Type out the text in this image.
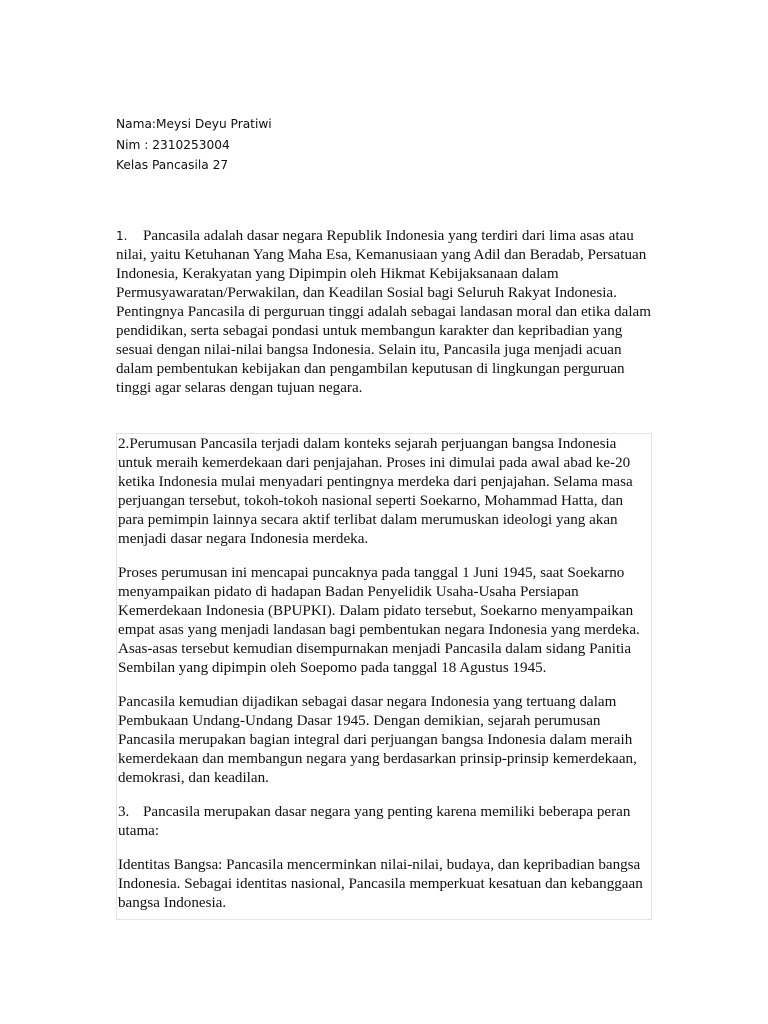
Nama:Meysi Deyu Pratiwi
Nim : 2310253004
Kelas Pancasila 27
1. Pancasila adalah dasar negara Republik Indonesia yang terdiri dari lima asas atau nilai, yaitu Ketuhanan Yang Maha Esa, Kemanusiaan yang Adil dan Beradab, Persatuan Indonesia, Kerakyatan yang Dipimpin oleh Hikmat Kebijaksanaan dalam Permusyawaratan/Perwakilan, dan Keadilan Sosial bagi Seluruh Rakyat Indonesia. Pentingnya Pancasila di perguruan tinggi adalah sebagai landasan moral dan etika dalam pendidikan, serta sebagai pondasi untuk membangun karakter dan kepribadian yang sesuai dengan nilai-nilai bangsa Indonesia. Selain itu, Pancasila juga menjadi acuan dalam pembentukan kebijakan dan pengambilan keputusan di lingkungan perguruan tinggi agar selaras dengan tujuan negara.

2.Perumusan Pancasila terjadi dalam konteks sejarah perjuangan bangsa Indonesia untuk meraih kemerdekaan dari penjajahan. Proses ini dimulai pada awal abad ke-20 ketika Indonesia mulai menyadari pentingnya merdeka dari penjajahan. Selama masa perjuangan tersebut, tokoh-tokoh nasional seperti Soekarno, Mohammad Hatta, dan para pemimpin lainnya secara aktif terlibat dalam merumuskan ideologi yang akan menjadi dasar negara Indonesia merdeka.

Proses perumusan ini mencapai puncaknya pada tanggal 1 Juni 1945, saat Soekarno menyampaikan pidato di hadapan Badan Penyelidik Usaha-Usaha Persiapan Kemerdekaan Indonesia (BPUPKI). Dalam pidato tersebut, Soekarno menyampaikan empat asas yang menjadi landasan bagi pembentukan negara Indonesia yang merdeka. Asas-asas tersebut kemudian disempurnakan menjadi Pancasila dalam sidang Panitia Sembilan yang dipimpin oleh Soepomo pada tanggal 18 Agustus 1945.

Pancasila kemudian dijadikan sebagai dasar negara Indonesia yang tertuang dalam Pembukaan Undang-Undang Dasar 1945. Dengan demikian, sejarah perumusan Pancasila merupakan bagian integral dari perjuangan bangsa Indonesia dalam meraih kemerdekaan dan membangun negara yang berdasarkan prinsip-prinsip kemerdekaan, demokrasi, dan keadilan.

3. Pancasila merupakan dasar negara yang penting karena memiliki beberapa peran utama:

Identitas Bangsa: Pancasila mencerminkan nilai-nilai, budaya, dan kepribadian bangsa Indonesia. Sebagai identitas nasional, Pancasila memperkuat kesatuan dan kebanggaan bangsa Indonesia.
